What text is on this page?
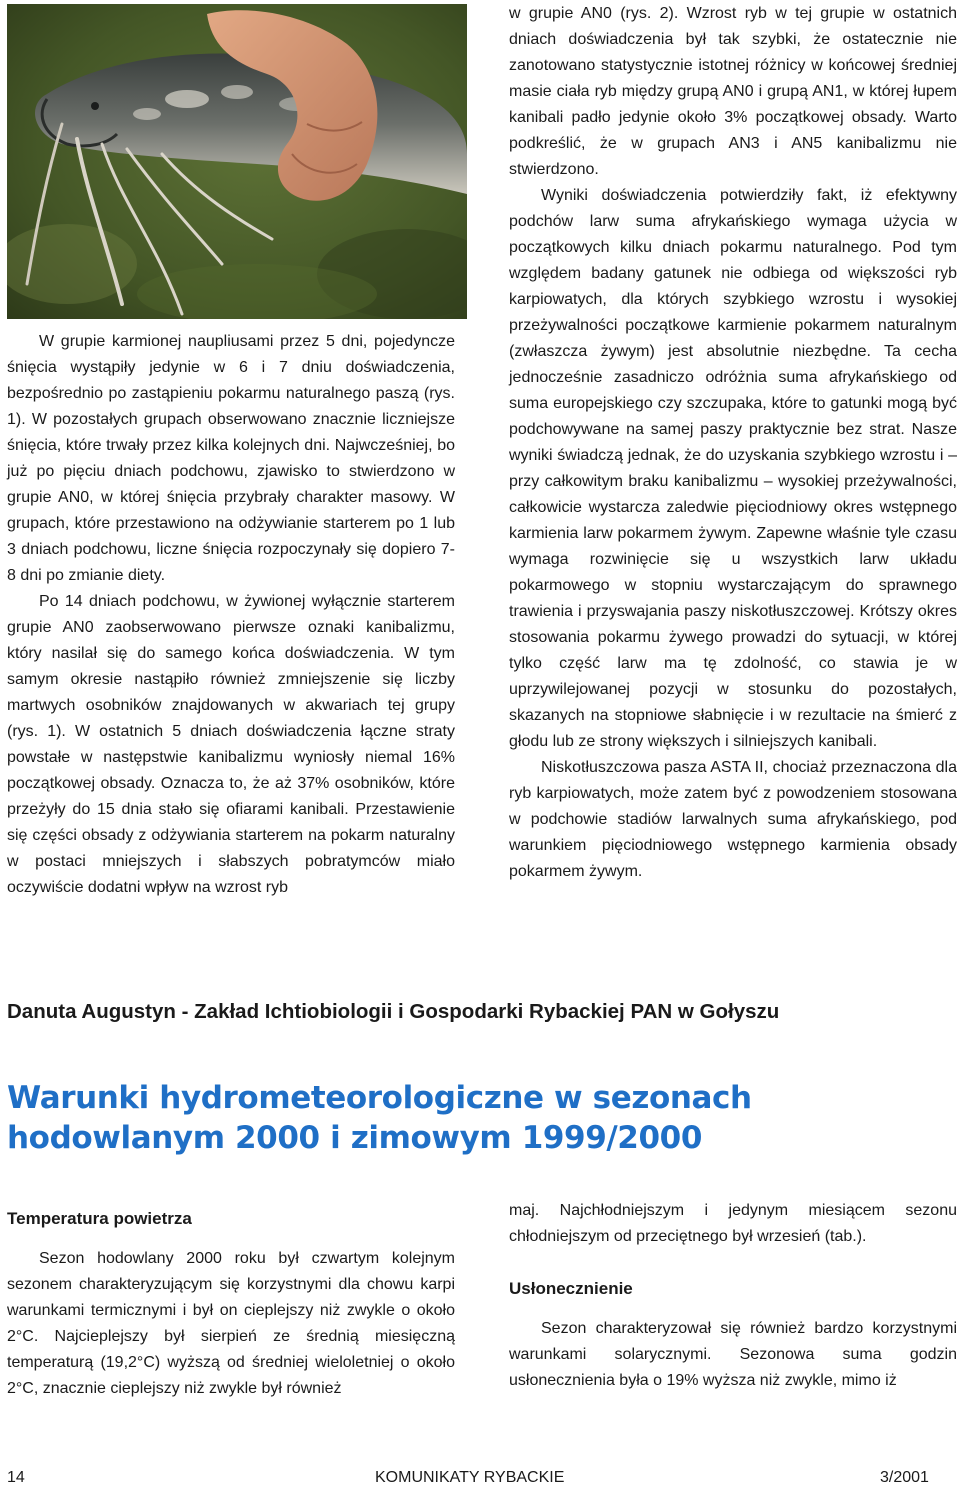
W grupie karmionej naupliusami przez 5 dni, pojedyncze śnięcia wystąpiły jedynie w 6 i 7 dniu doświadczenia, bezpośrednio po zastąpieniu pokarmu naturalnego paszą (rys. 1). W pozostałych grupach obserwowano znacznie liczniejsze śnięcia, które trwały przez kilka kolejnych dni. Najwcześniej, bo już po pięciu dniach podchowu, zjawisko to stwierdzono w grupie AN0, w której śnięcia przybrały charakter masowy. W grupach, które przestawiono na odżywianie starterem po 1 lub 3 dniach podchowu, liczne śnięcia rozpoczynały się dopiero 7-8 dni po zmianie diety.

Po 14 dniach podchowu, w żywionej wyłącznie starterem grupie AN0 zaobserwowano pierwsze oznaki kanibalizmu, który nasilał się do samego końca doświadczenia. W tym samym okresie nastąpiło również zmniejszenie się liczby martwych osobników znajdowanych w akwariach tej grupy (rys. 1). W ostatnich 5 dniach doświadczenia łączne straty powstałe w następstwie kanibalizmu wyniosły niemal 16% początkowej obsady. Oznacza to, że aż 37% osobników, które przeżyły do 15 dnia stało się ofiarami kanibali. Przestawienie się części obsady z odżywiania starterem na pokarm naturalny w postaci mniejszych i słabszych pobratymców miało oczywiście dodatni wpływ na wzrost ryb

w grupie AN0 (rys. 2). Wzrost ryb w tej grupie w ostatnich dniach doświadczenia był tak szybki, że ostatecznie nie zanotowano statystycznie istotnej różnicy w końcowej średniej masie ciała ryb między grupą AN0 i grupą AN1, w której łupem kanibali padło jedynie około 3% początkowej obsady. Warto podkreślić, że w grupach AN3 i AN5 kanibalizmu nie stwierdzono.

Wyniki doświadczenia potwierdziły fakt, iż efektywny podchów larw suma afrykańskiego wymaga użycia w początkowych kilku dniach pokarmu naturalnego. Pod tym względem badany gatunek nie odbiega od większości ryb karpiowatych, dla których szybkiego wzrostu i wysokiej przeżywalności początkowe karmienie pokarmem naturalnym (zwłaszcza żywym) jest absolutnie niezbędne. Ta cecha jednocześnie zasadniczo odróżnia suma afrykańskiego od suma europejskiego czy szczupaka, które to gatunki mogą być podchowywane na samej paszy praktycznie bez strat. Nasze wyniki świadczą jednak, że do uzyskania szybkiego wzrostu i – przy całkowitym braku kanibalizmu – wysokiej przeżywalności, całkowicie wystarcza zaledwie pięciodniowy okres wstępnego karmienia larw pokarmem żywym. Zapewne właśnie tyle czasu wymaga rozwinięcie się u wszystkich larw układu pokarmowego w stopniu wystarczającym do sprawnego trawienia i przyswajania paszy niskotłuszczowej. Krótszy okres stosowania pokarmu żywego prowadzi do sytuacji, w której tylko część larw ma tę zdolność, co stawia je w uprzywilejowanej pozycji w stosunku do pozostałych, skazanych na stopniowe słabnięcie i w rezultacie na śmierć z głodu lub ze strony większych i silniejszych kanibali.

Niskotłuszczowa pasza ASTA II, chociaż przeznaczona dla ryb karpiowatych, może zatem być z powodzeniem stosowana w podchowie stadiów larwalnych suma afrykańskiego, pod warunkiem pięciodniowego wstępnego karmienia obsady pokarmem żywym.

Danuta Augustyn - Zakład Ichtiobiologii i Gospodarki Rybackiej PAN w Gołyszu
Warunki hydrometeorologiczne w sezonach hodowlanym 2000 i zimowym 1999/2000

Temperatura powietrza

Sezon hodowlany 2000 roku był czwartym kolejnym sezonem charakteryzującym się korzystnymi dla chowu karpi warunkami termicznymi i był on cieplejszy niż zwykle o około 2°C. Najcieplejszy był sierpień ze średnią miesięczną temperaturą (19,2°C) wyższą od średniej wieloletniej o około 2°C, znacznie cieplejszy niż zwykle był również

maj. Najchłodniejszym i jedynym miesiącem sezonu chłodniejszym od przeciętnego był wrzesień (tab.).

Usłonecznienie

Sezon charakteryzował się również bardzo korzystnymi warunkami solarycznymi. Sezonowa suma godzin usłonecznienia była o 19% wyższa niż zwykle, mimo iż

14	KOMUNIKATY RYBACKIE	3/2001
